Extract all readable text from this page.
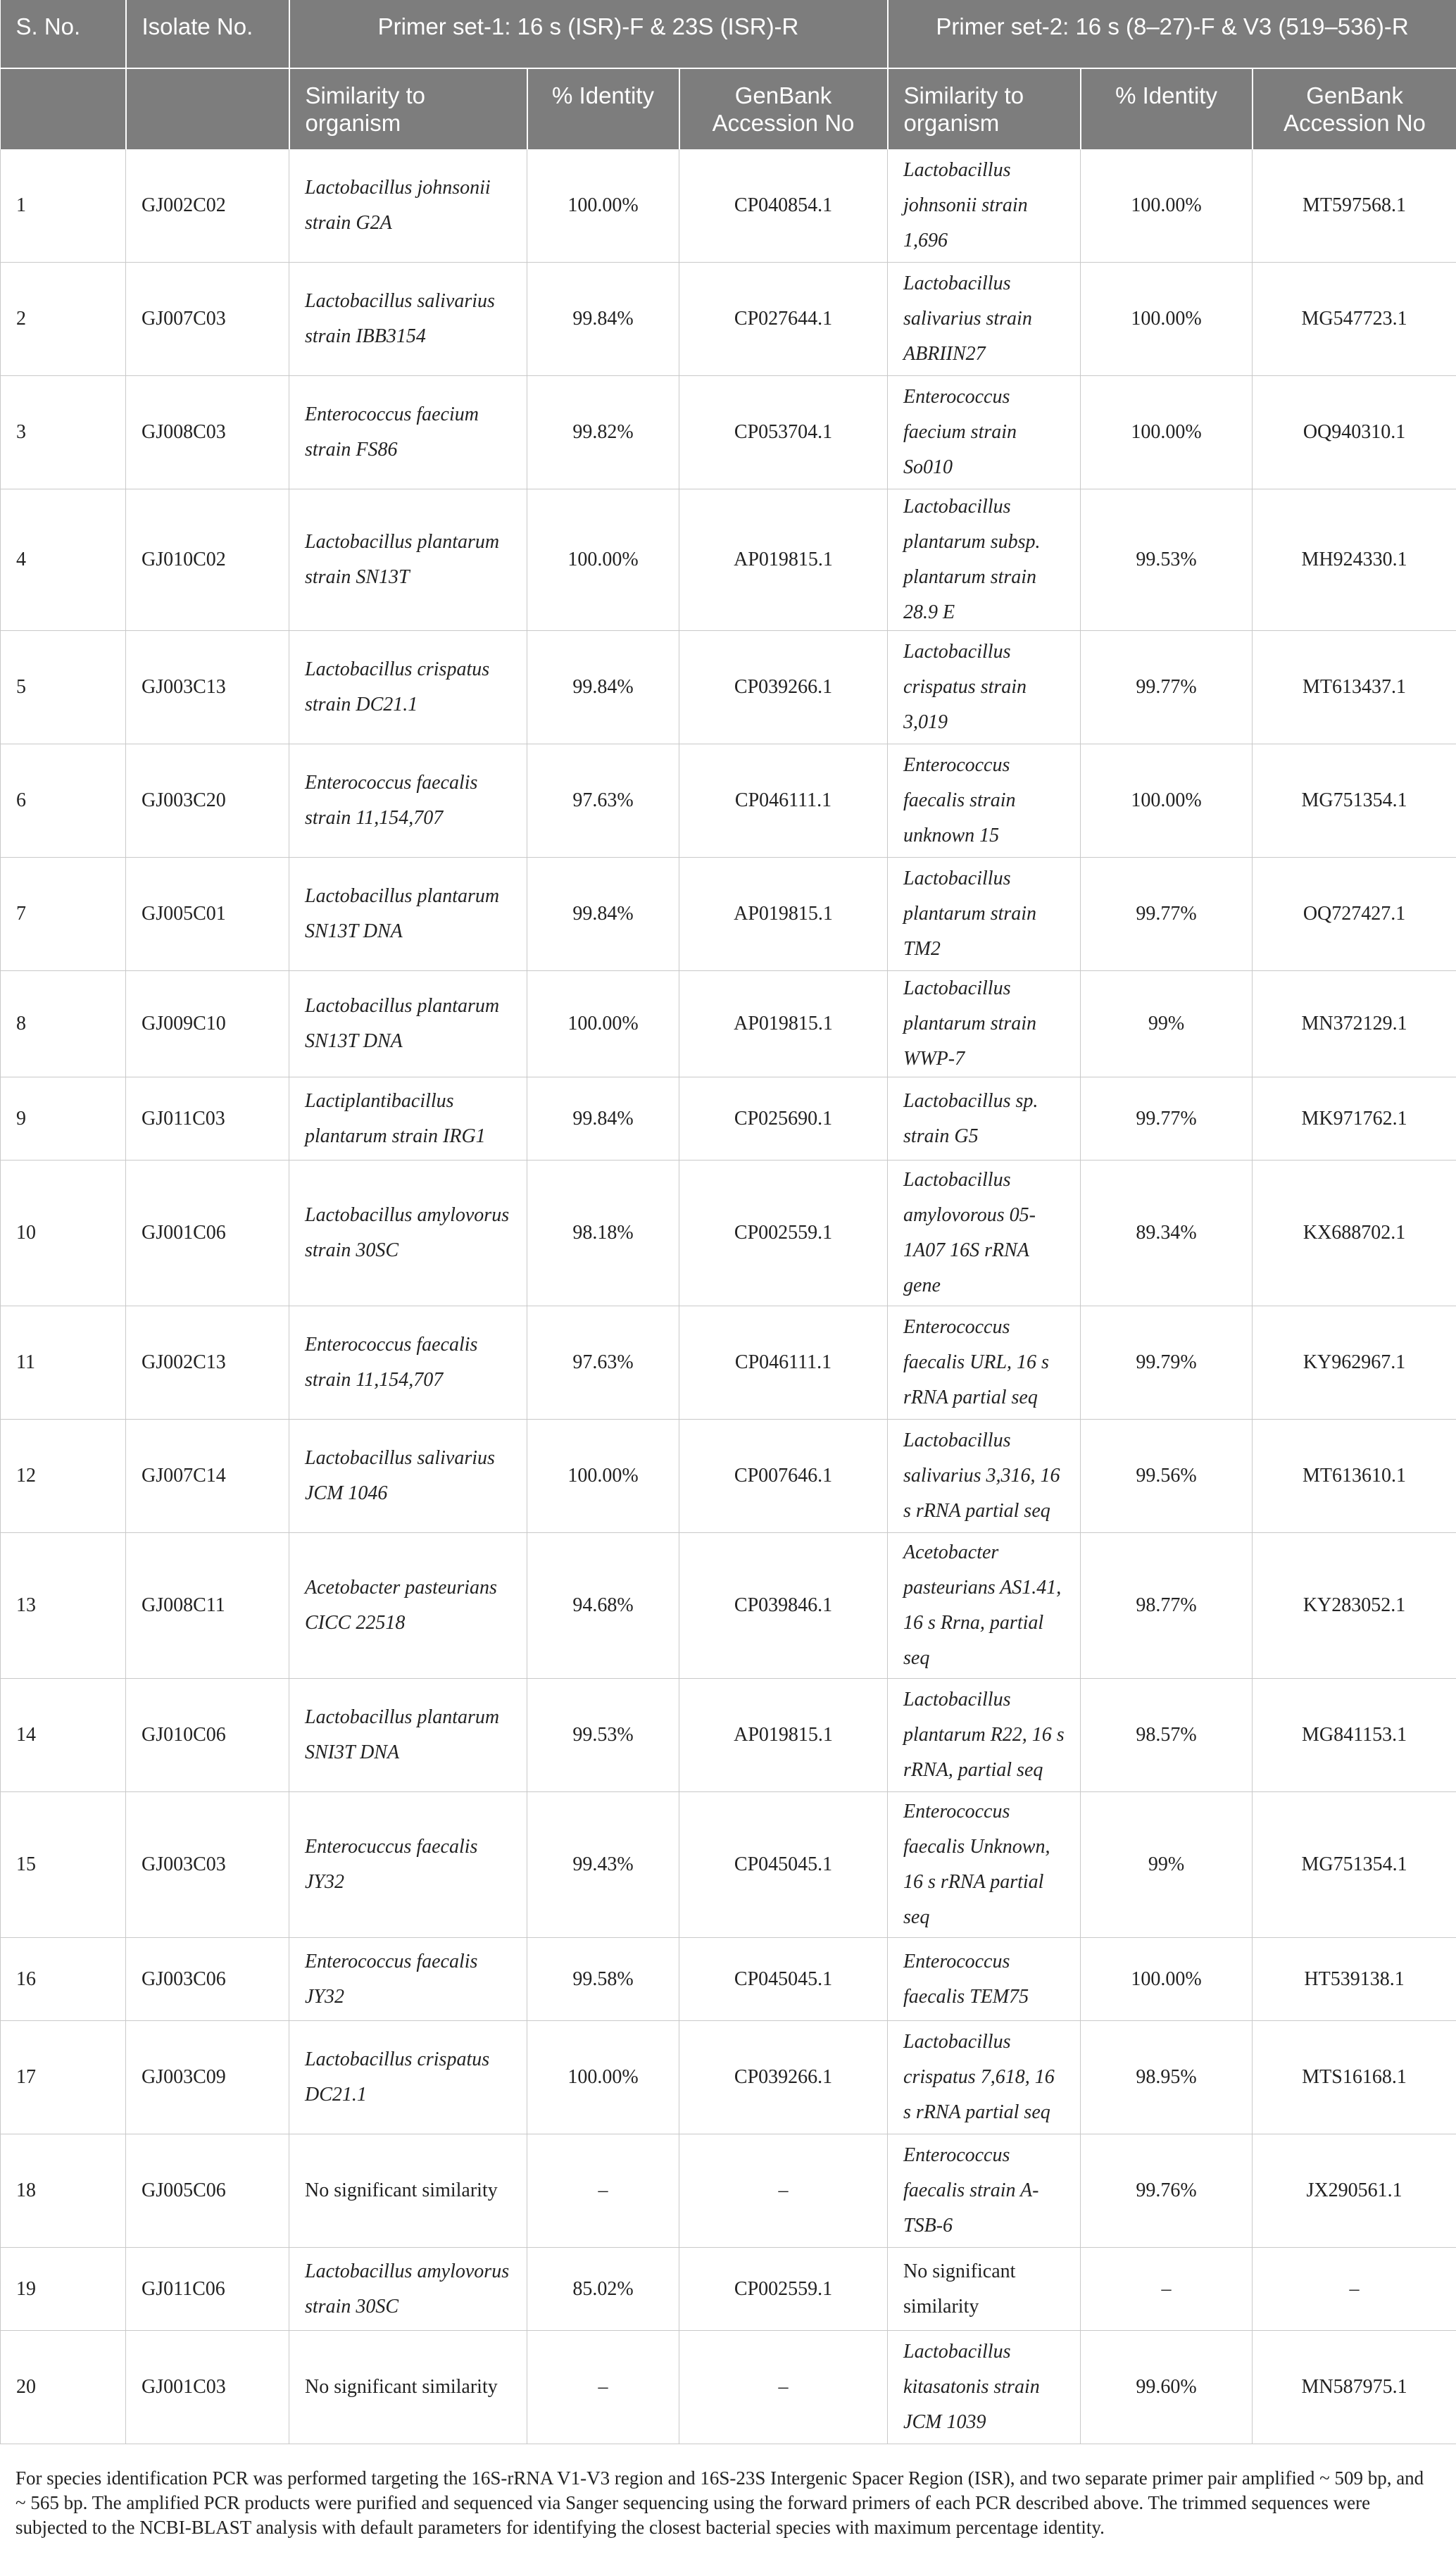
S. No.	Isolate No.	Primer set-1: 16 s (ISR)-F & 23S (ISR)-R			Primer set-2: 16 s (8–27)-F & V3 (519–536)-R		
		Similarity to organism	% Identity	GenBank Accession No	Similarity to organism	% Identity	GenBank Accession No
1	GJ002C02	Lactobacillus johnsonii strain G2A	100.00%	CP040854.1	Lactobacillus johnsonii strain 1,696	100.00%	MT597568.1
2	GJ007C03	Lactobacillus salivarius strain IBB3154	99.84%	CP027644.1	Lactobacillus salivarius strain ABRIIN27	100.00%	MG547723.1
3	GJ008C03	Enterococcus faecium strain FS86	99.82%	CP053704.1	Enterococcus faecium strain So010	100.00%	OQ940310.1
4	GJ010C02	Lactobacillus plantarum strain SN13T	100.00%	AP019815.1	Lactobacillus plantarum subsp. plantarum strain 28.9 E	99.53%	MH924330.1
5	GJ003C13	Lactobacillus crispatus strain DC21.1	99.84%	CP039266.1	Lactobacillus crispatus strain 3,019	99.77%	MT613437.1
6	GJ003C20	Enterococcus faecalis strain 11,154,707	97.63%	CP046111.1	Enterococcus faecalis strain unknown 15	100.00%	MG751354.1
7	GJ005C01	Lactobacillus plantarum SN13T DNA	99.84%	AP019815.1	Lactobacillus plantarum strain TM2	99.77%	OQ727427.1
8	GJ009C10	Lactobacillus plantarum SN13T DNA	100.00%	AP019815.1	Lactobacillus plantarum strain WWP-7	99%	MN372129.1
9	GJ011C03	Lactiplantibacillus plantarum strain IRG1	99.84%	CP025690.1	Lactobacillus sp. strain G5	99.77%	MK971762.1
10	GJ001C06	Lactobacillus amylovorus strain 30SC	98.18%	CP002559.1	Lactobacillus amylovorous 05-1A07 16S rRNA gene	89.34%	KX688702.1
11	GJ002C13	Enterococcus faecalis strain 11,154,707	97.63%	CP046111.1	Enterococcus faecalis URL, 16 s rRNA partial seq	99.79%	KY962967.1
12	GJ007C14	Lactobacillus salivarius JCM 1046	100.00%	CP007646.1	Lactobacillus salivarius 3,316, 16 s rRNA partial seq	99.56%	MT613610.1
13	GJ008C11	Acetobacter pasteurians CICC 22518	94.68%	CP039846.1	Acetobacter pasteurians AS1.41, 16 s Rrna, partial seq	98.77%	KY283052.1
14	GJ010C06	Lactobacillus plantarum SNI3T DNA	99.53%	AP019815.1	Lactobacillus plantarum R22, 16 s rRNA, partial seq	98.57%	MG841153.1
15	GJ003C03	Enterocuccus faecalis JY32	99.43%	CP045045.1	Enterococcus faecalis Unknown, 16 s rRNA partial seq	99%	MG751354.1
16	GJ003C06	Enterococcus faecalis JY32	99.58%	CP045045.1	Enterococcus faecalis TEM75	100.00%	HT539138.1
17	GJ003C09	Lactobacillus crispatus DC21.1	100.00%	CP039266.1	Lactobacillus crispatus 7,618, 16 s rRNA partial seq	98.95%	MTS16168.1
18	GJ005C06	No significant similarity	–	–	Enterococcus faecalis strain A-TSB-6	99.76%	JX290561.1
19	GJ011C06	Lactobacillus amylovorus strain 30SC	85.02%	CP002559.1	No significant similarity	–	–
20	GJ001C03	No significant similarity	–	–	Lactobacillus kitasatonis strain JCM 1039	99.60%	MN587975.1
For species identification PCR was performed targeting the 16S-rRNA V1-V3 region and 16S-23S Intergenic Spacer Region (ISR), and two separate primer pair amplified ~ 509 bp, and ~ 565 bp. The amplified PCR products were purified and sequenced via Sanger sequencing using the forward primers of each PCR described above. The trimmed sequences were subjected to the NCBI-BLAST analysis with default parameters for identifying the closest bacterial species with maximum percentage identity.
